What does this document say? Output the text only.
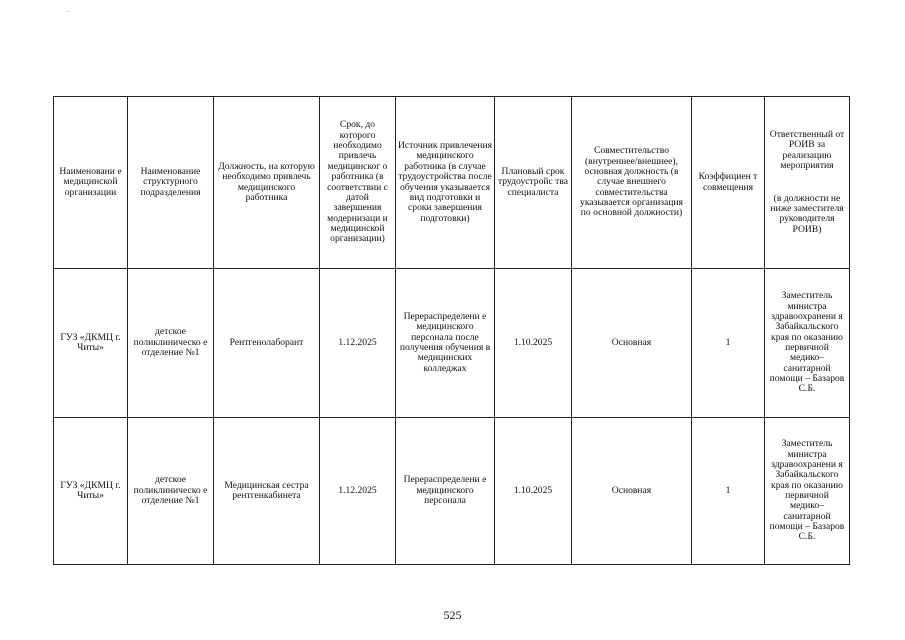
Наименовани е медицинской организации	Наименование структурного подразделения	Должность, на которую необходимо привлечь медицинского работника	Срок, до которого необходимо привлечь медицинског о работника (в соответствии с датой завершения модернизаци и медицинской организации)	Источник привлечения медицинского работника (в случае трудоустройства после обучения указывается вид подготовки и сроки завершения подготовки)	Плановый срок трудоустройс тва специалиста	Совместительство (внутреннее/внешнее), основная должность (в случае внешнего совместительства указывается организация по основной должности)	Коэффициен т совмещения	Ответственный от РОИВ за реализацию мероприятия
(в должности не ниже заместителя руководителя РОИВ)
ГУЗ «ДКМЦ г. Читы»	детское поликлиническо е отделение №1	Рентгенолаборант	1.12.2025	Перераспределени е медицинского персонала после получения обучения в медицинских колледжах	1.10.2025	Основная	1	Заместитель министра здравоохранени я Забайкальского края по оказанию первичной медико– санитарной помощи – Базаров С.Б.
ГУЗ «ДКМЦ г. Читы»	детское поликлиническо е отделение №1	Медицинская сестра рентгенкабинета	1.12.2025	Перераспределени е медицинского персонала	1.10.2025	Основная	1	Заместитель министра здравоохранени я Забайкальского края по оказанию первичной медико– санитарной помощи – Базаров С.Б.
525
